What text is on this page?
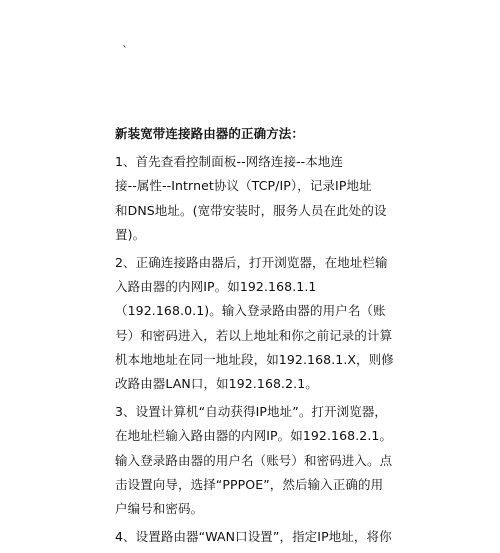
ˋ
新装宽带连接路由器的正确方法：
1、首先查看控制面板--网络连接--本地连
接--属性--Intrnet协议（TCP/IP），记录IP地址
和DNS地址。(宽带安装时，服务人员在此处的设
置)。
2、正确连接路由器后，打开浏览器，在地址栏输
入路由器的内网IP。如192.168.1.1
（192.168.0.1)。输入登录路由器的用户名（账
号）和密码进入，若以上地址和你之前记录的计算
机本地地址在同一地址段，如192.168.1.X，则修
改路由器LAN口，如192.168.2.1。
3、设置计算机“自动获得IP地址”。打开浏览器，
在地址栏输入路由器的内网IP。如192.168.2.1。
输入登录路由器的用户名（账号）和密码进入。点
击设置向导，选择“PPPOE”，然后输入正确的用
户编号和密码。
4、设置路由器“WAN口设置”，指定IP地址，将你
